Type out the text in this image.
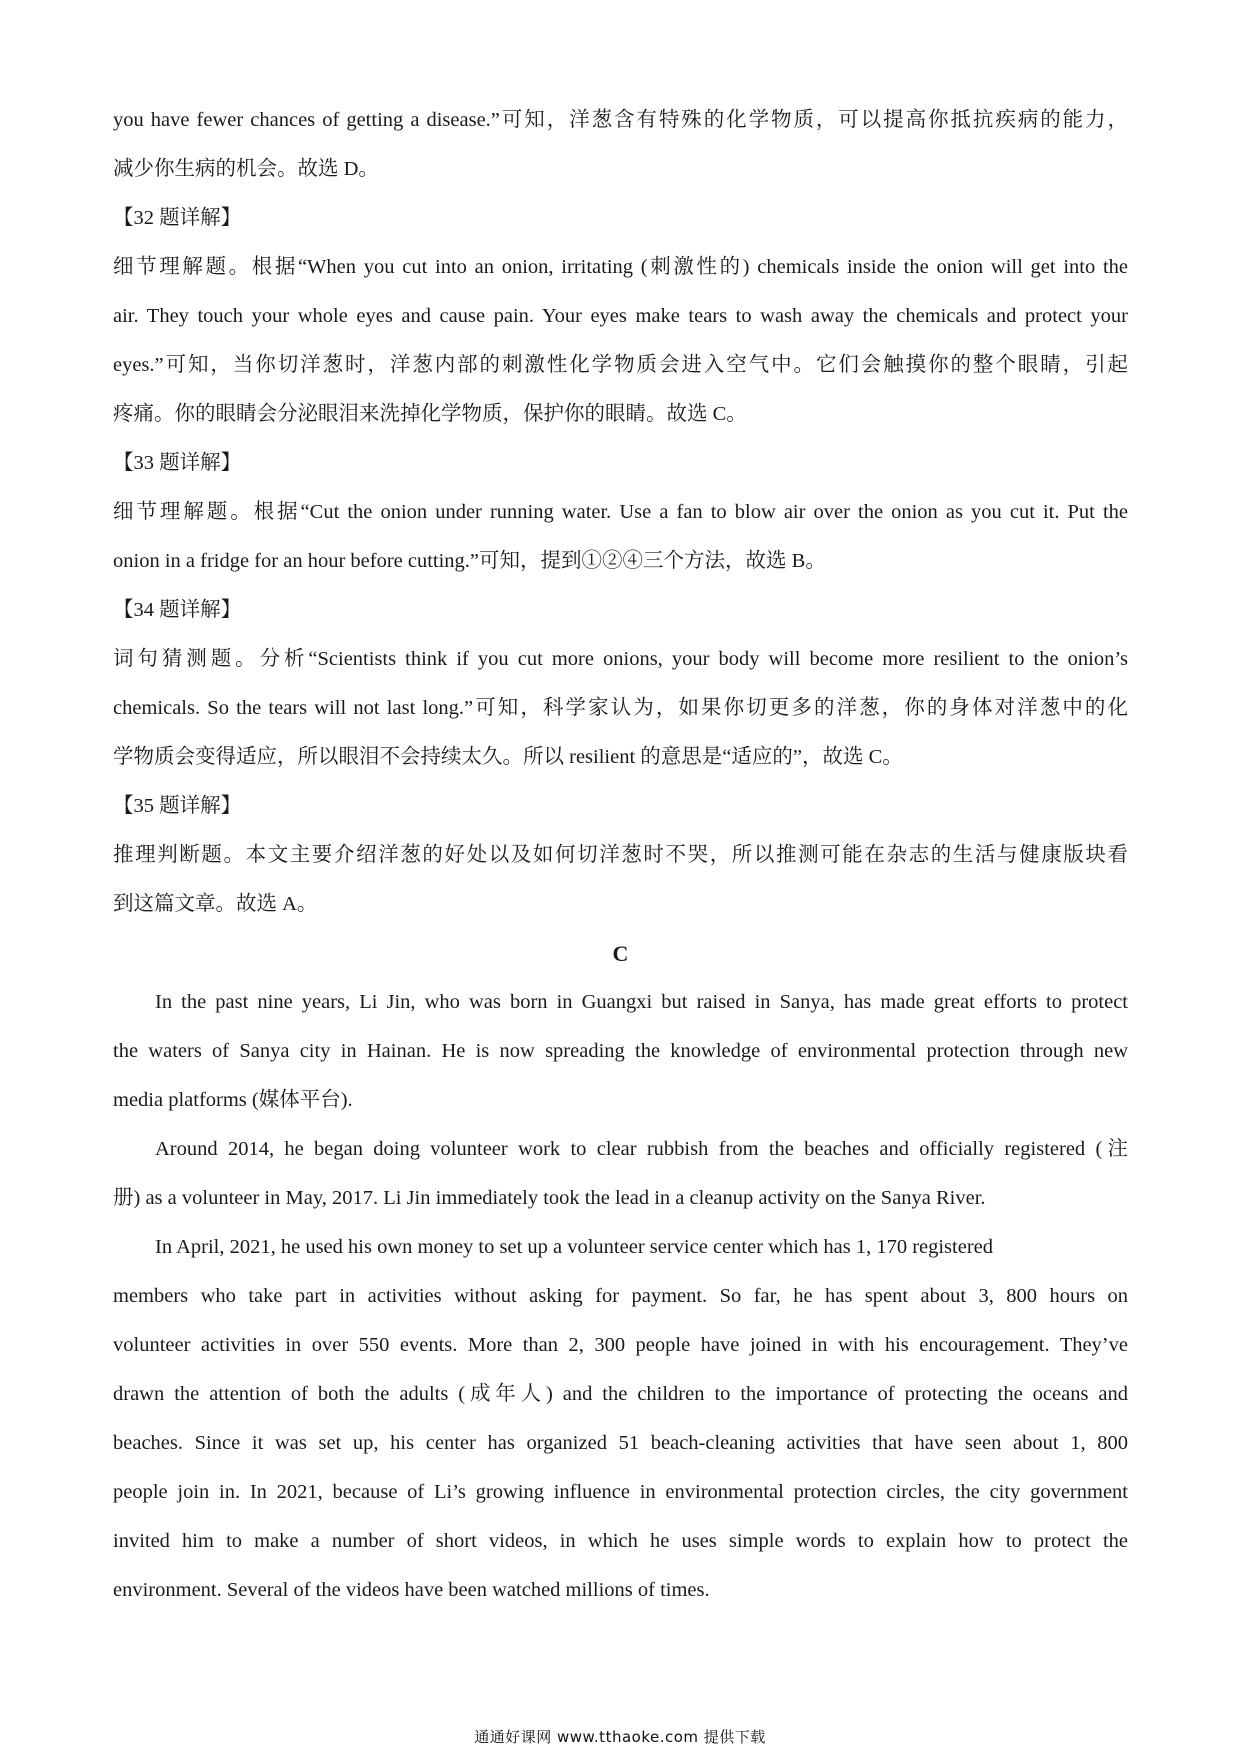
you have fewer chances of getting a disease.”可知，洋葱含有特殊的化学物质，可以提高你抵抗疾病的能力，
减少你生病的机会。故选 D。
【32 题详解】
细节理解题。根据“When you cut into an onion, irritating (刺激性的) chemicals inside the onion will get into the
air. They touch your whole eyes and cause pain. Your eyes make tears to wash away the chemicals and protect your
eyes.”可知，当你切洋葱时，洋葱内部的刺激性化学物质会进入空气中。它们会触摸你的整个眼睛，引起
疼痛。你的眼睛会分泌眼泪来洗掉化学物质，保护你的眼睛。故选 C。
【33 题详解】
细节理解题。根据“Cut the onion under running water. Use a fan to blow air over the onion as you cut it. Put the
onion in a fridge for an hour before cutting.”可知，提到①②④三个方法，故选 B。
【34 题详解】
词句猜测题。分析“Scientists think if you cut more onions, your body will become more resilient to the onion’s
chemicals. So the tears will not last long.”可知，科学家认为，如果你切更多的洋葱，你的身体对洋葱中的化
学物质会变得适应，所以眼泪不会持续太久。所以 resilient 的意思是“适应的”，故选 C。
【35 题详解】
推理判断题。本文主要介绍洋葱的好处以及如何切洋葱时不哭，所以推测可能在杂志的生活与健康版块看
到这篇文章。故选 A。
C
In the past nine years, Li Jin, who was born in Guangxi but raised in Sanya, has made great efforts to protect
the waters of Sanya city in Hainan. He is now spreading the knowledge of environmental protection through new
media platforms (媒体平台).
Around 2014, he began doing volunteer work to clear rubbish from the beaches and officially registered (注
册) as a volunteer in May, 2017. Li Jin immediately took the lead in a cleanup activity on the Sanya River.
In April, 2021, he used his own money to set up a volunteer service center which has 1, 170 registered
members who take part in activities without asking for payment. So far, he has spent about 3, 800 hours on
volunteer activities in over 550 events. More than 2, 300 people have joined in with his encouragement. They’ve
drawn the attention of both the adults (成年人) and the children to the importance of protecting the oceans and
beaches. Since it was set up, his center has organized 51 beach-cleaning activities that have seen about 1, 800
people join in. In 2021, because of Li’s growing influence in environmental protection circles, the city government
invited him to make a number of short videos, in which he uses simple words to explain how to protect the
environment. Several of the videos have been watched millions of times.
通通好课网 www.tthaoke.com 提供下载
